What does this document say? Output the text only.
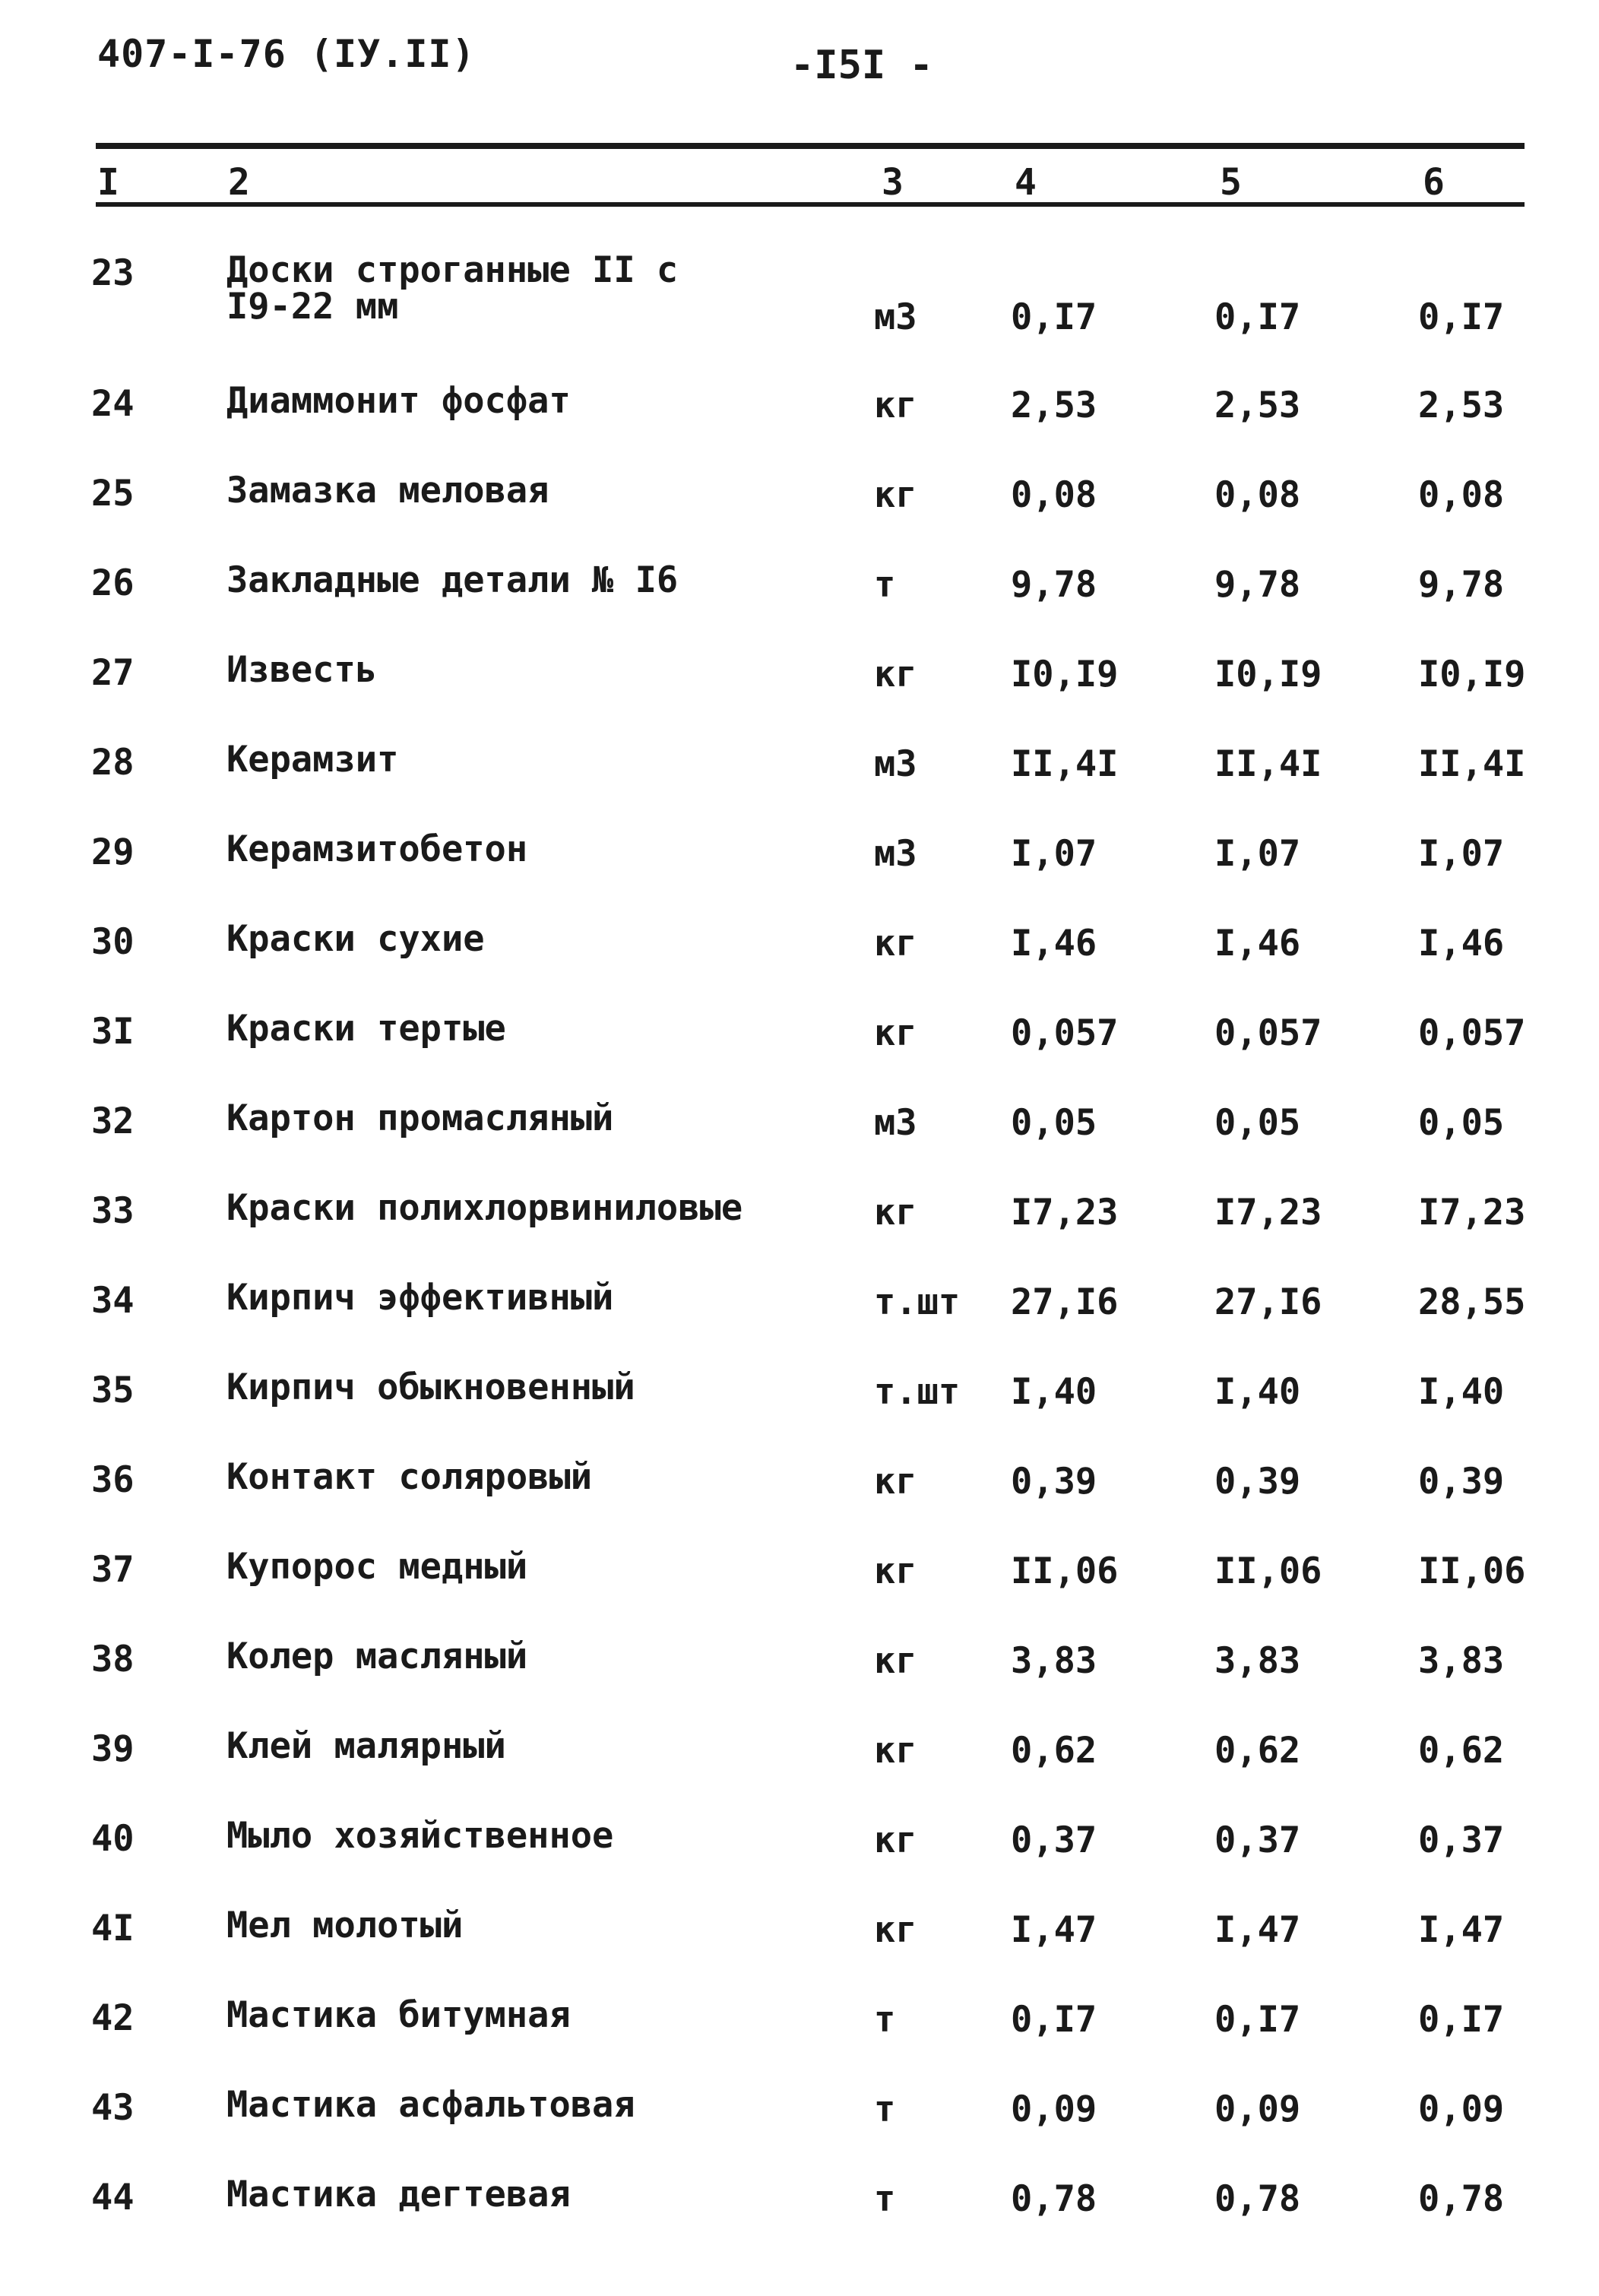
407-I-76 (IУ.II)	-I5I -
I	2	3	4	5	6
23	Доски строганные II с
I9-22 мм	м3	0,I7	0,I7	0,I7
24	Диаммонит фосфат	кг	2,53	2,53	2,53
25	Замазка меловая	кг	0,08	0,08	0,08
26	Закладные детали № I6	т	9,78	9,78	9,78
27	Известь	кг	I0,I9	I0,I9	I0,I9
28	Керамзит	м3	II,4I	II,4I	II,4I
29	Керамзитобетон	м3	I,07	I,07	I,07
30	Краски сухие	кг	I,46	I,46	I,46
3I	Краски тертые	кг	0,057	0,057	0,057
32	Картон промасляный	м3	0,05	0,05	0,05
33	Краски полихлорвиниловые	кг	I7,23	I7,23	I7,23
34	Кирпич эффективный	т.шт 27,I6	27,I6	28,55
35	Кирпич обыкновенный	т.шт I,40	I,40	I,40
36	Контакт соляровый	кг	0,39	0,39	0,39
37	Купорос медный	кг	II,06	II,06	II,06
38	Колер масляный	кг	3,83	3,83	3,83
39	Клей малярный	кг	0,62	0,62	0,62
40	Мыло хозяйственное	кг	0,37	0,37	0,37
4I	Мел молотый	кг	I,47	I,47	I,47
42	Мастика битумная	т	0,I7	0,I7	0,I7
43	Мастика асфальтовая	т	0,09	0,09	0,09
44	Мастика дегтевая	т	0,78	0,78	0,78
